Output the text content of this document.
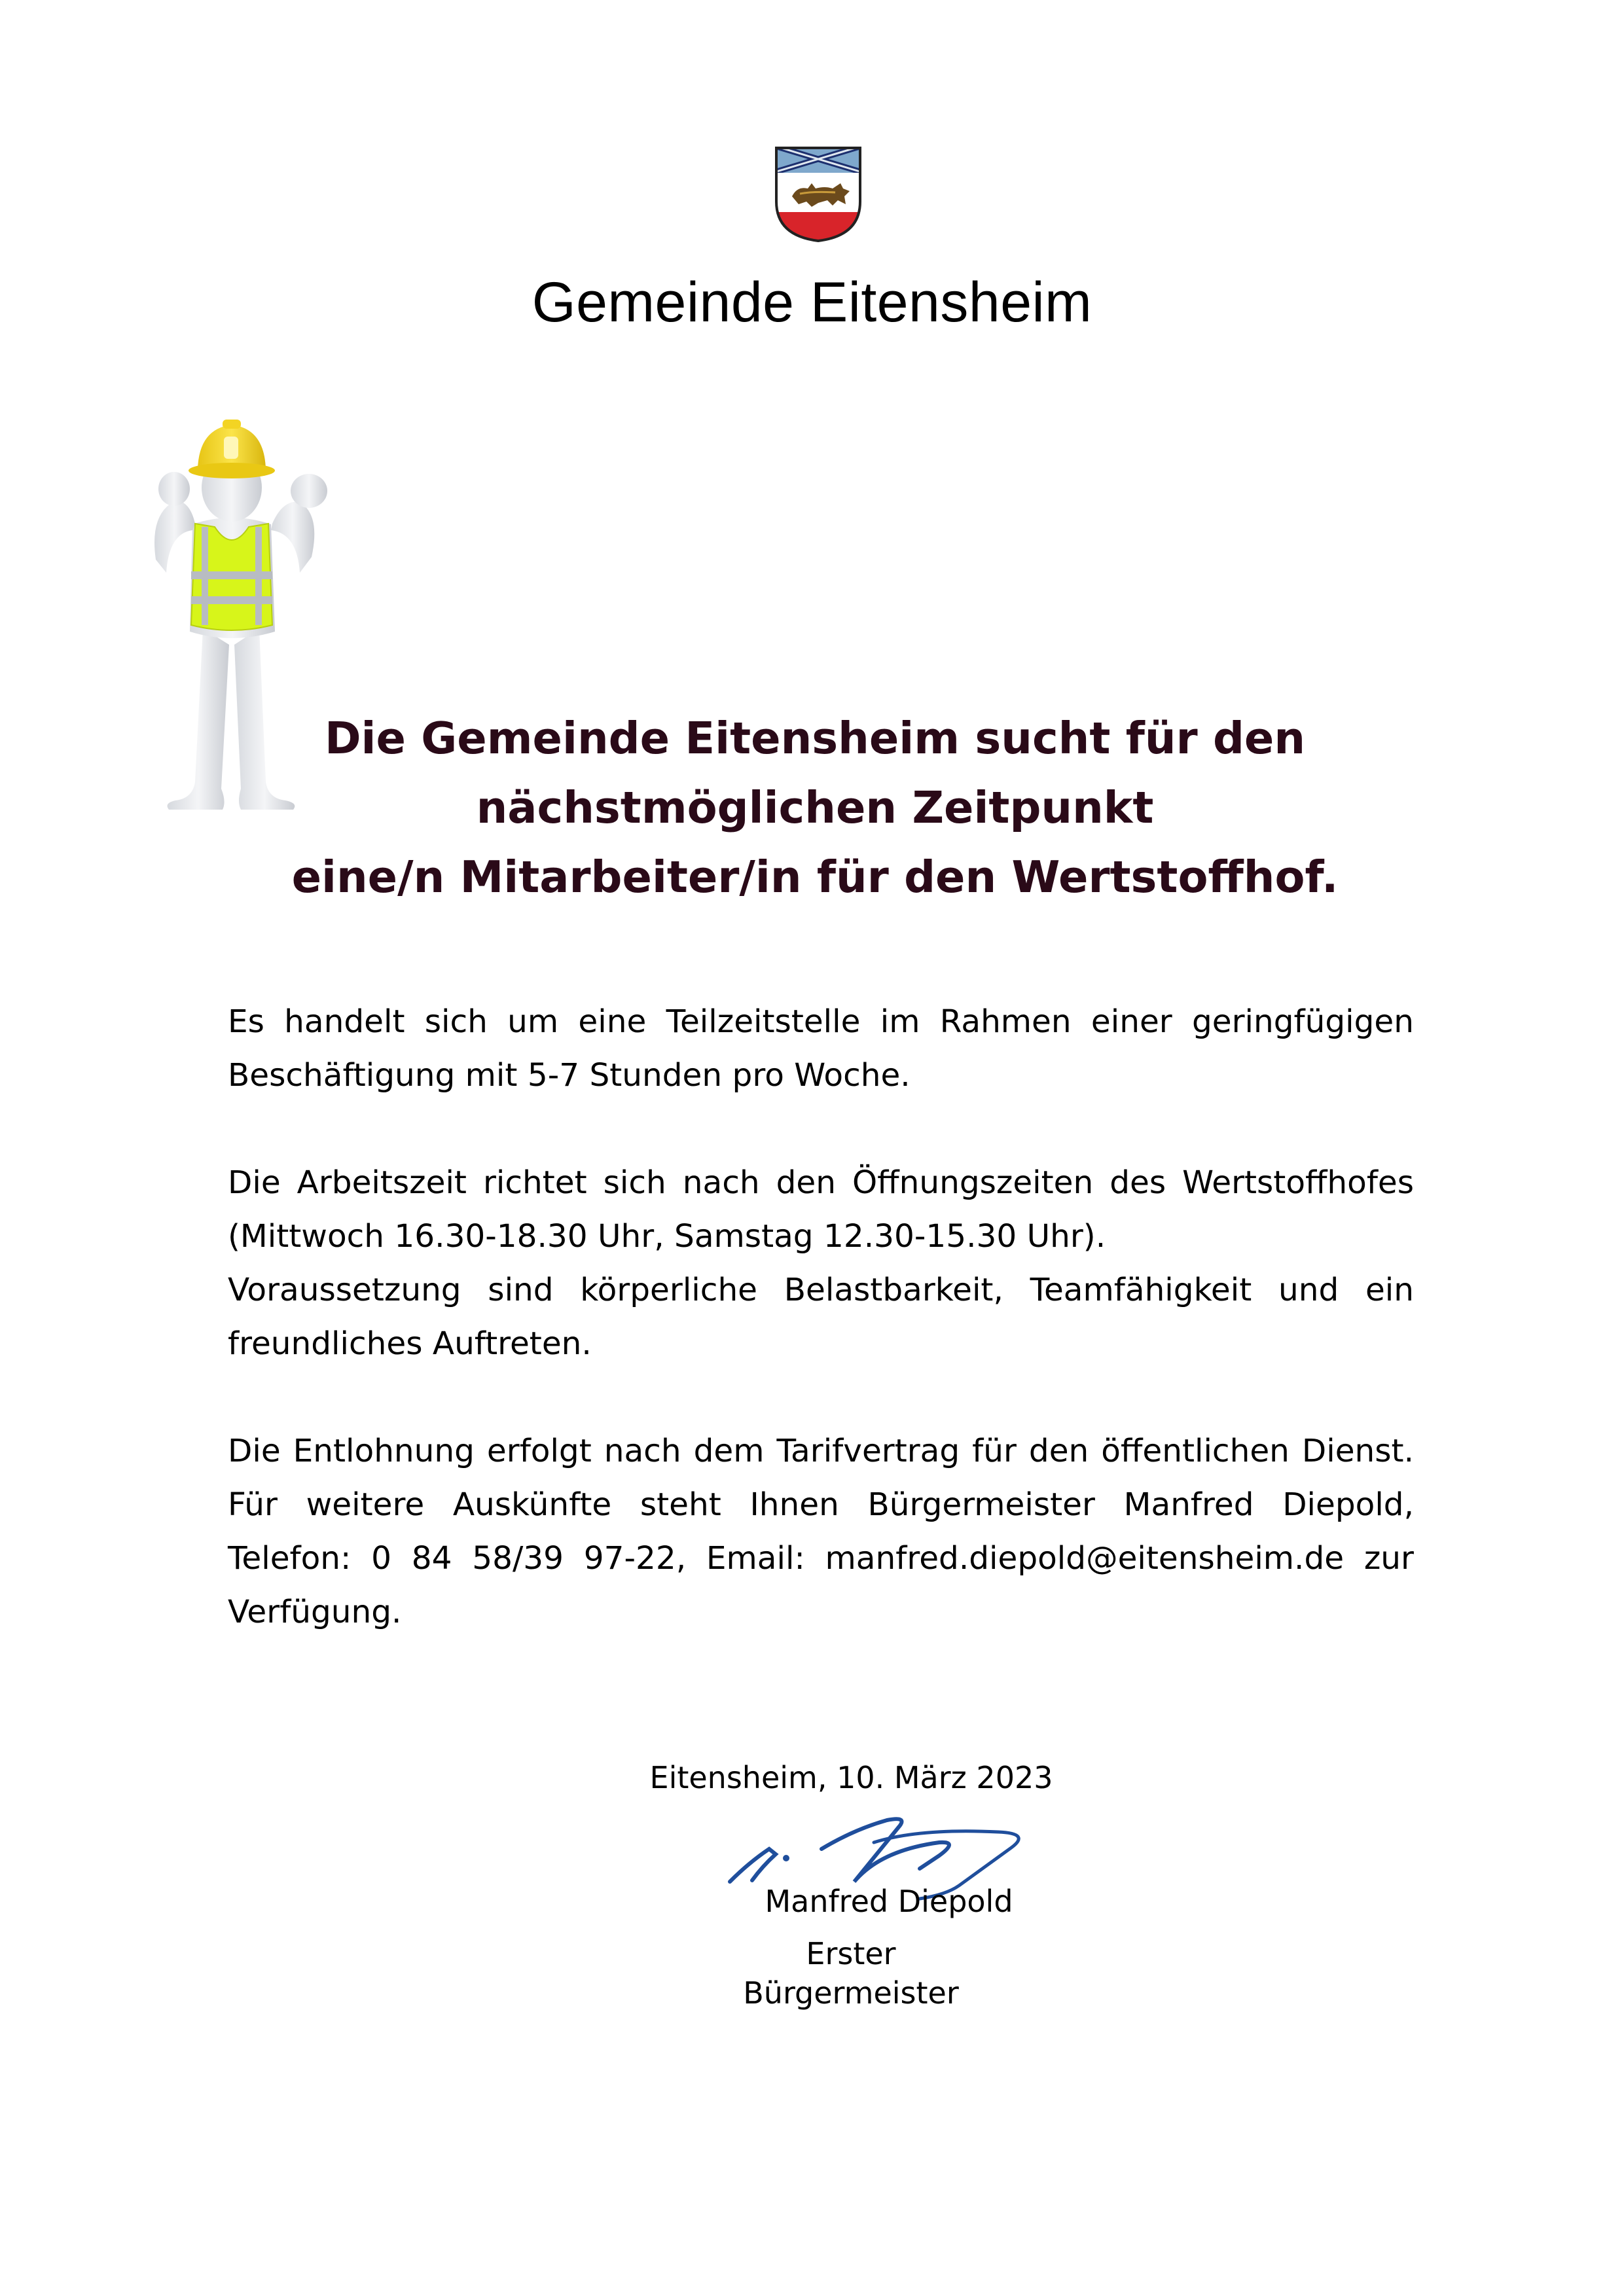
Gemeinde Eitensheim
Die Gemeinde Eitensheim sucht für den
nächstmöglichen Zeitpunkt
eine/n Mitarbeiter/in für den Wertstoffhof.

Es handelt sich um eine Teilzeitstelle im Rahmen einer geringfügigen Beschäftigung mit 5-7 Stunden pro Woche.

Die Arbeitszeit richtet sich nach den Öffnungszeiten des Wertstoffhofes (Mittwoch 16.30-18.30 Uhr, Samstag 12.30-15.30 Uhr).

Voraussetzung sind körperliche Belastbarkeit, Teamfähigkeit und ein freundliches Auftreten.

Die Entlohnung erfolgt nach dem Tarifvertrag für den öffentlichen Dienst. Für weitere Auskünfte steht Ihnen Bürgermeister Manfred Diepold, Telefon: 0 84 58/39 97-22, Email: manfred.diepold@eitensheim.de zur Verfügung.

Eitensheim, 10. März 2023
Manfred Diepold
Erster Bürgermeister
